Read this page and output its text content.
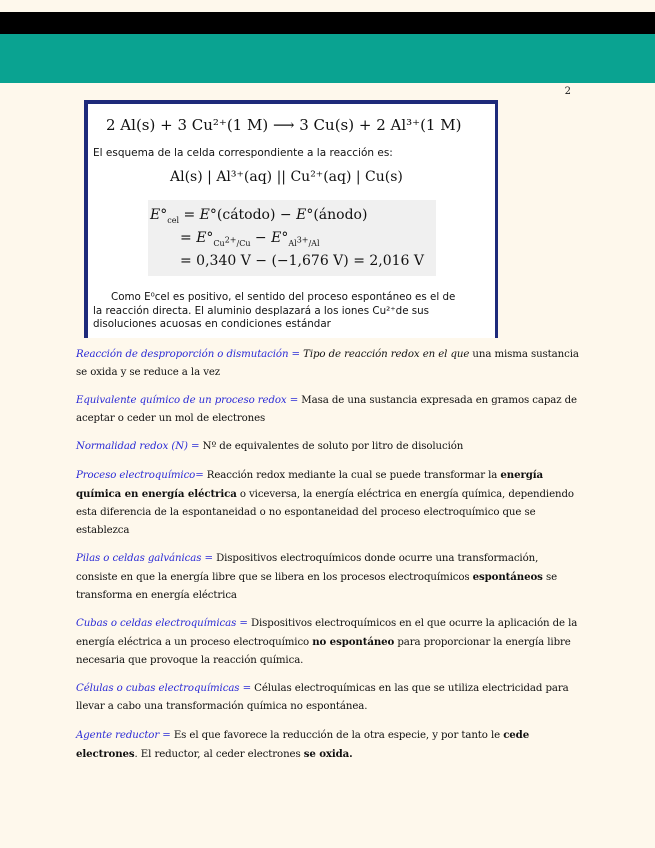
2
2 Al(s) + 3 Cu²⁺(1 M) ⟶ 3 Cu(s) + 2 Al³⁺(1 M)
El esquema de la celda correspondiente a la reacción es:
Al(s) | Al³⁺(aq) || Cu²⁺(aq) | Cu(s)
$E^\circ_{cel}$ = E°(cátodo) − E°(ánodo)
= $E^\circ_{Cu^{2+}/Cu} - E^\circ_{Al^{3+}/Al}$
= 0,340 V − (−1,676 V) = 2,016 V
Como E⁰cel es positivo, el sentido del proceso espontáneo es el de
la reacción directa. El aluminio desplazará a los iones Cu²⁺de sus
disoluciones acuosas en condiciones estándar

Reacción de desproporción o dismutación = Tipo de reacción redox en el que una misma sustancia se oxida y se reduce a la vez

Equivalente químico de un proceso redox = Masa de una sustancia expresada en gramos capaz de aceptar o ceder un mol de electrones

Normalidad redox (N) = Nº de equivalentes de soluto por litro de disolución

Proceso electroquímico= Reacción redox mediante la cual se puede transformar la energía química en energía eléctrica o viceversa, la energía eléctrica en energía química, dependiendo esta diferencia de la espontaneidad o no espontaneidad del proceso electroquímico que se establezca

Pilas o celdas galvánicas = Dispositivos electroquímicos donde ocurre una transformación, consiste en que la energía libre que se libera en los procesos electroquímicos espontáneos se transforma en energía eléctrica

Cubas o celdas electroquímicas = Dispositivos electroquímicos en el que ocurre la aplicación de la energía eléctrica a un proceso electroquímico no espontáneo para proporcionar la energía libre necesaria que provoque la reacción química.

Células o cubas electroquímicas = Células electroquímicas en las que se utiliza electricidad para llevar a cabo una transformación química no espontánea.

Agente reductor = Es el que favorece la reducción de la otra especie, y por tanto le cede electrones. El reductor, al ceder electrones se oxida.
